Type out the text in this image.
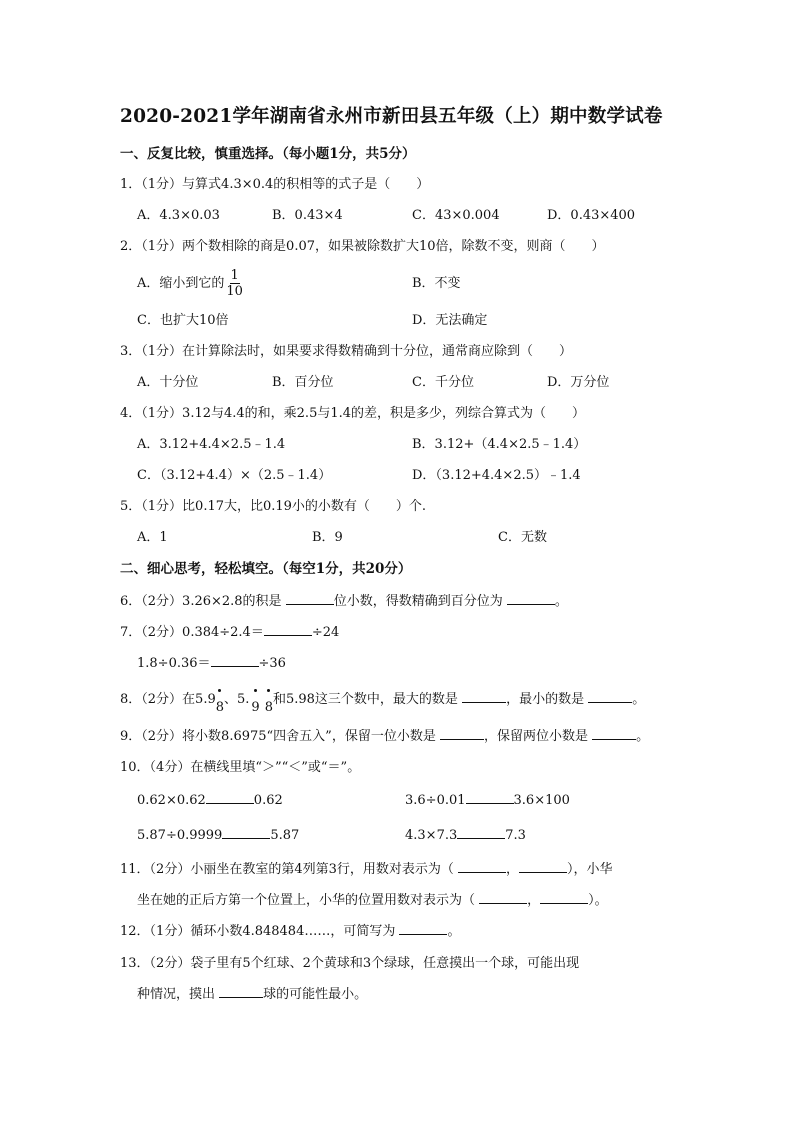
2020-2021学年湖南省永州市新田县五年级（上）期中数学试卷
一、反复比较，慎重选择。（每小题1分，共5分）
1．（1分）与算式4.3×0.4的积相等的式子是（　　）
A．4.3×0.03	B．0.43×4	C．43×0.004	D．0.43×400
2．（1分）两个数相除的商是0.07，如果被除数扩大10倍，除数不变，则商（　　）
A．缩小到它的 $\frac{1}{10}$	B．不变
C．也扩大10倍	D．无法确定
3．（1分）在计算除法时，如果要求得数精确到十分位，通常商应除到（　　）
A．十分位	B．百分位	C．千分位	D．万分位
4．（1分）3.12与4.4的和，乘2.5与1.4的差，积是多少，列综合算式为（　　）
A．3.12+4.4×2.5﹣1.4	B．3.12+（4.4×2.5﹣1.4）
C．（3.12+4.4）×（2.5﹣1.4）	D．（3.12+4.4×2.5）﹣1.4
5．（1分）比0.17大，比0.19小的小数有（　　）个.
A．1	B．9	C．无数
二、细心思考，轻松填空。（每空1分，共20分）
6．（2分）3.26×2.8的积是	位小数，得数精确到百分位为	。
7．（2分）0.384÷2.4＝	÷24
1.8÷0.36＝	÷36
8．（2分）在5.9
8、5.
9 8和5.98这三个数中，最大的数是	，最小的数是	。
9．（2分）将小数8.6975“四舍五入”，保留一位小数是	，保留两位小数是	。
10．（4分）在横线里填“＞”“＜”或“＝”。
0.62×0.62	0.62	3.6÷0.01	3.6×100
5.87÷0.9999	5.87	4.3×7.3	7.3
11．（2分）小丽坐在教室的第4列第3行，用数对表示为（	，	），小华
坐在她的正后方第一个位置上，小华的位置用数对表示为（	，	）。
12．（1分）循环小数4.848484……，可简写为	。
13．（2分）袋子里有5个红球、2个黄球和3个绿球，任意摸出一个球，可能出现
种情况，摸出	球的可能性最小。
